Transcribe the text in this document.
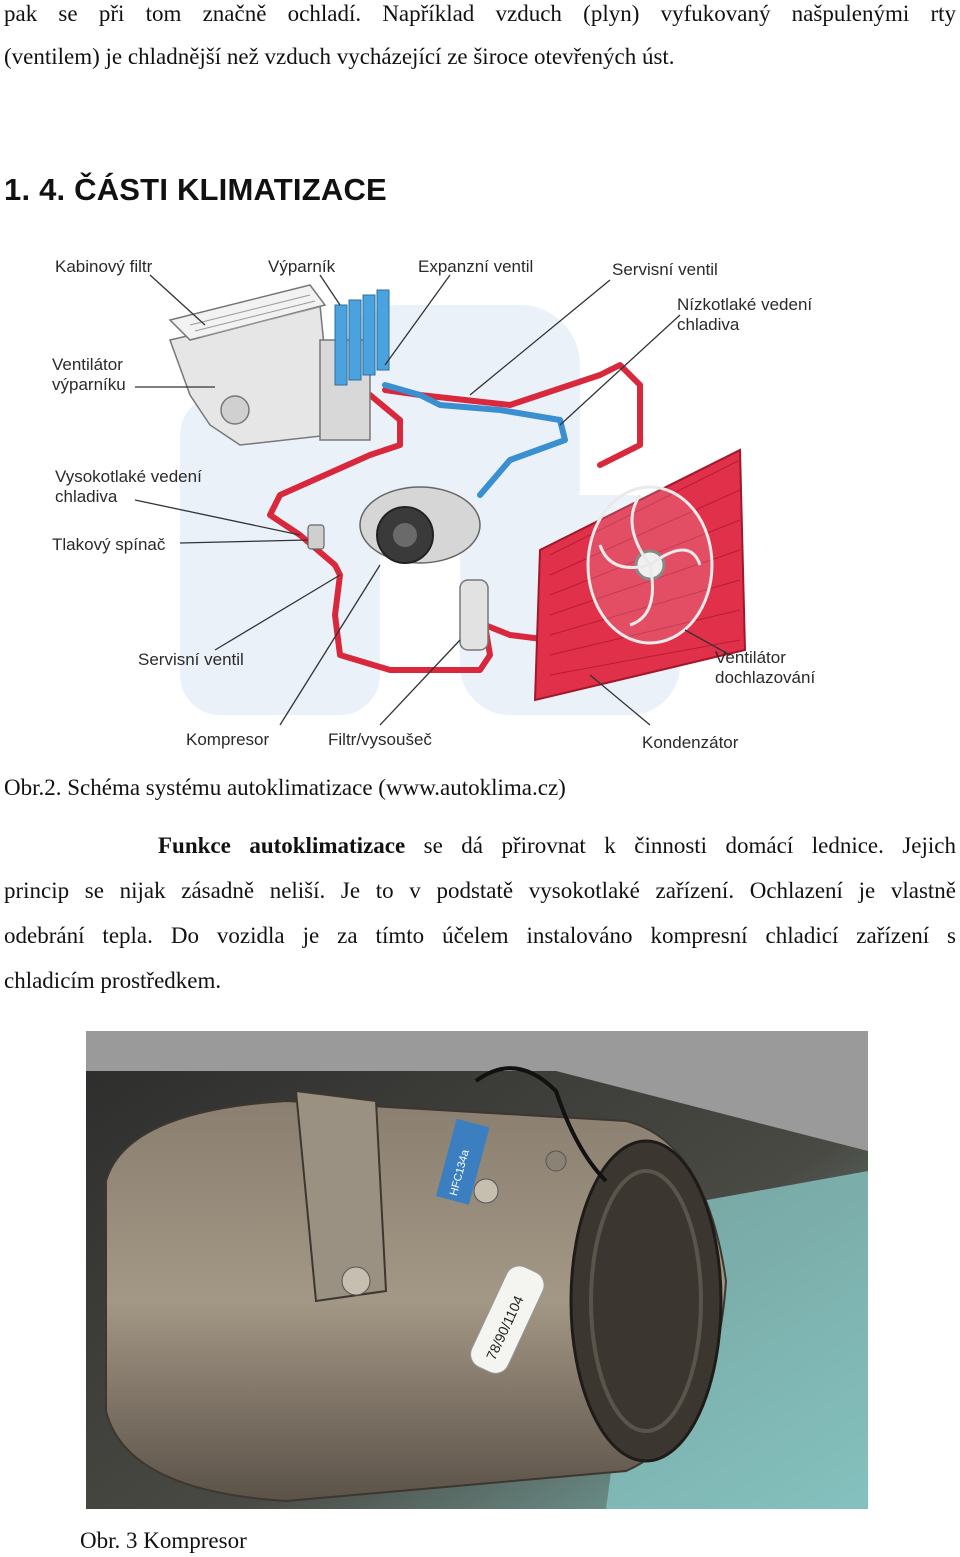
pak se při tom značně ochladí. Například vzduch (plyn) vyfukovaný našpulenými rty
(ventilem) je chladnější než vzduch vycházející ze široce otevřených úst.
1. 4. ČÁSTI KLIMATIZACE
Kabinový filtr	Výparník	Expanzní ventil	Servisní ventil
Nízkotlaké vedení
chladiva
Ventilátor
výparníku
Vysokotlaké vedení
chladiva
Tlakový spínač
Servisní ventil	Ventilátor
dochlazování
Kompresor	Filtr/vysoušeč	Kondenzátor
Obr.2. Schéma systému autoklimatizace (www.autoklima.cz)
Funkce autoklimatizace se dá přirovnat k činnosti domácí lednice. Jejich
princip se nijak zásadně neliší. Je to v podstatě vysokotlaké zařízení. Ochlazení je vlastně
odebrání tepla. Do vozidla je za tímto účelem instalováno kompresní chladicí zařízení s
chladicím prostředkem.
HFC134a
78/90/1104
Obr. 3 Kompresor
